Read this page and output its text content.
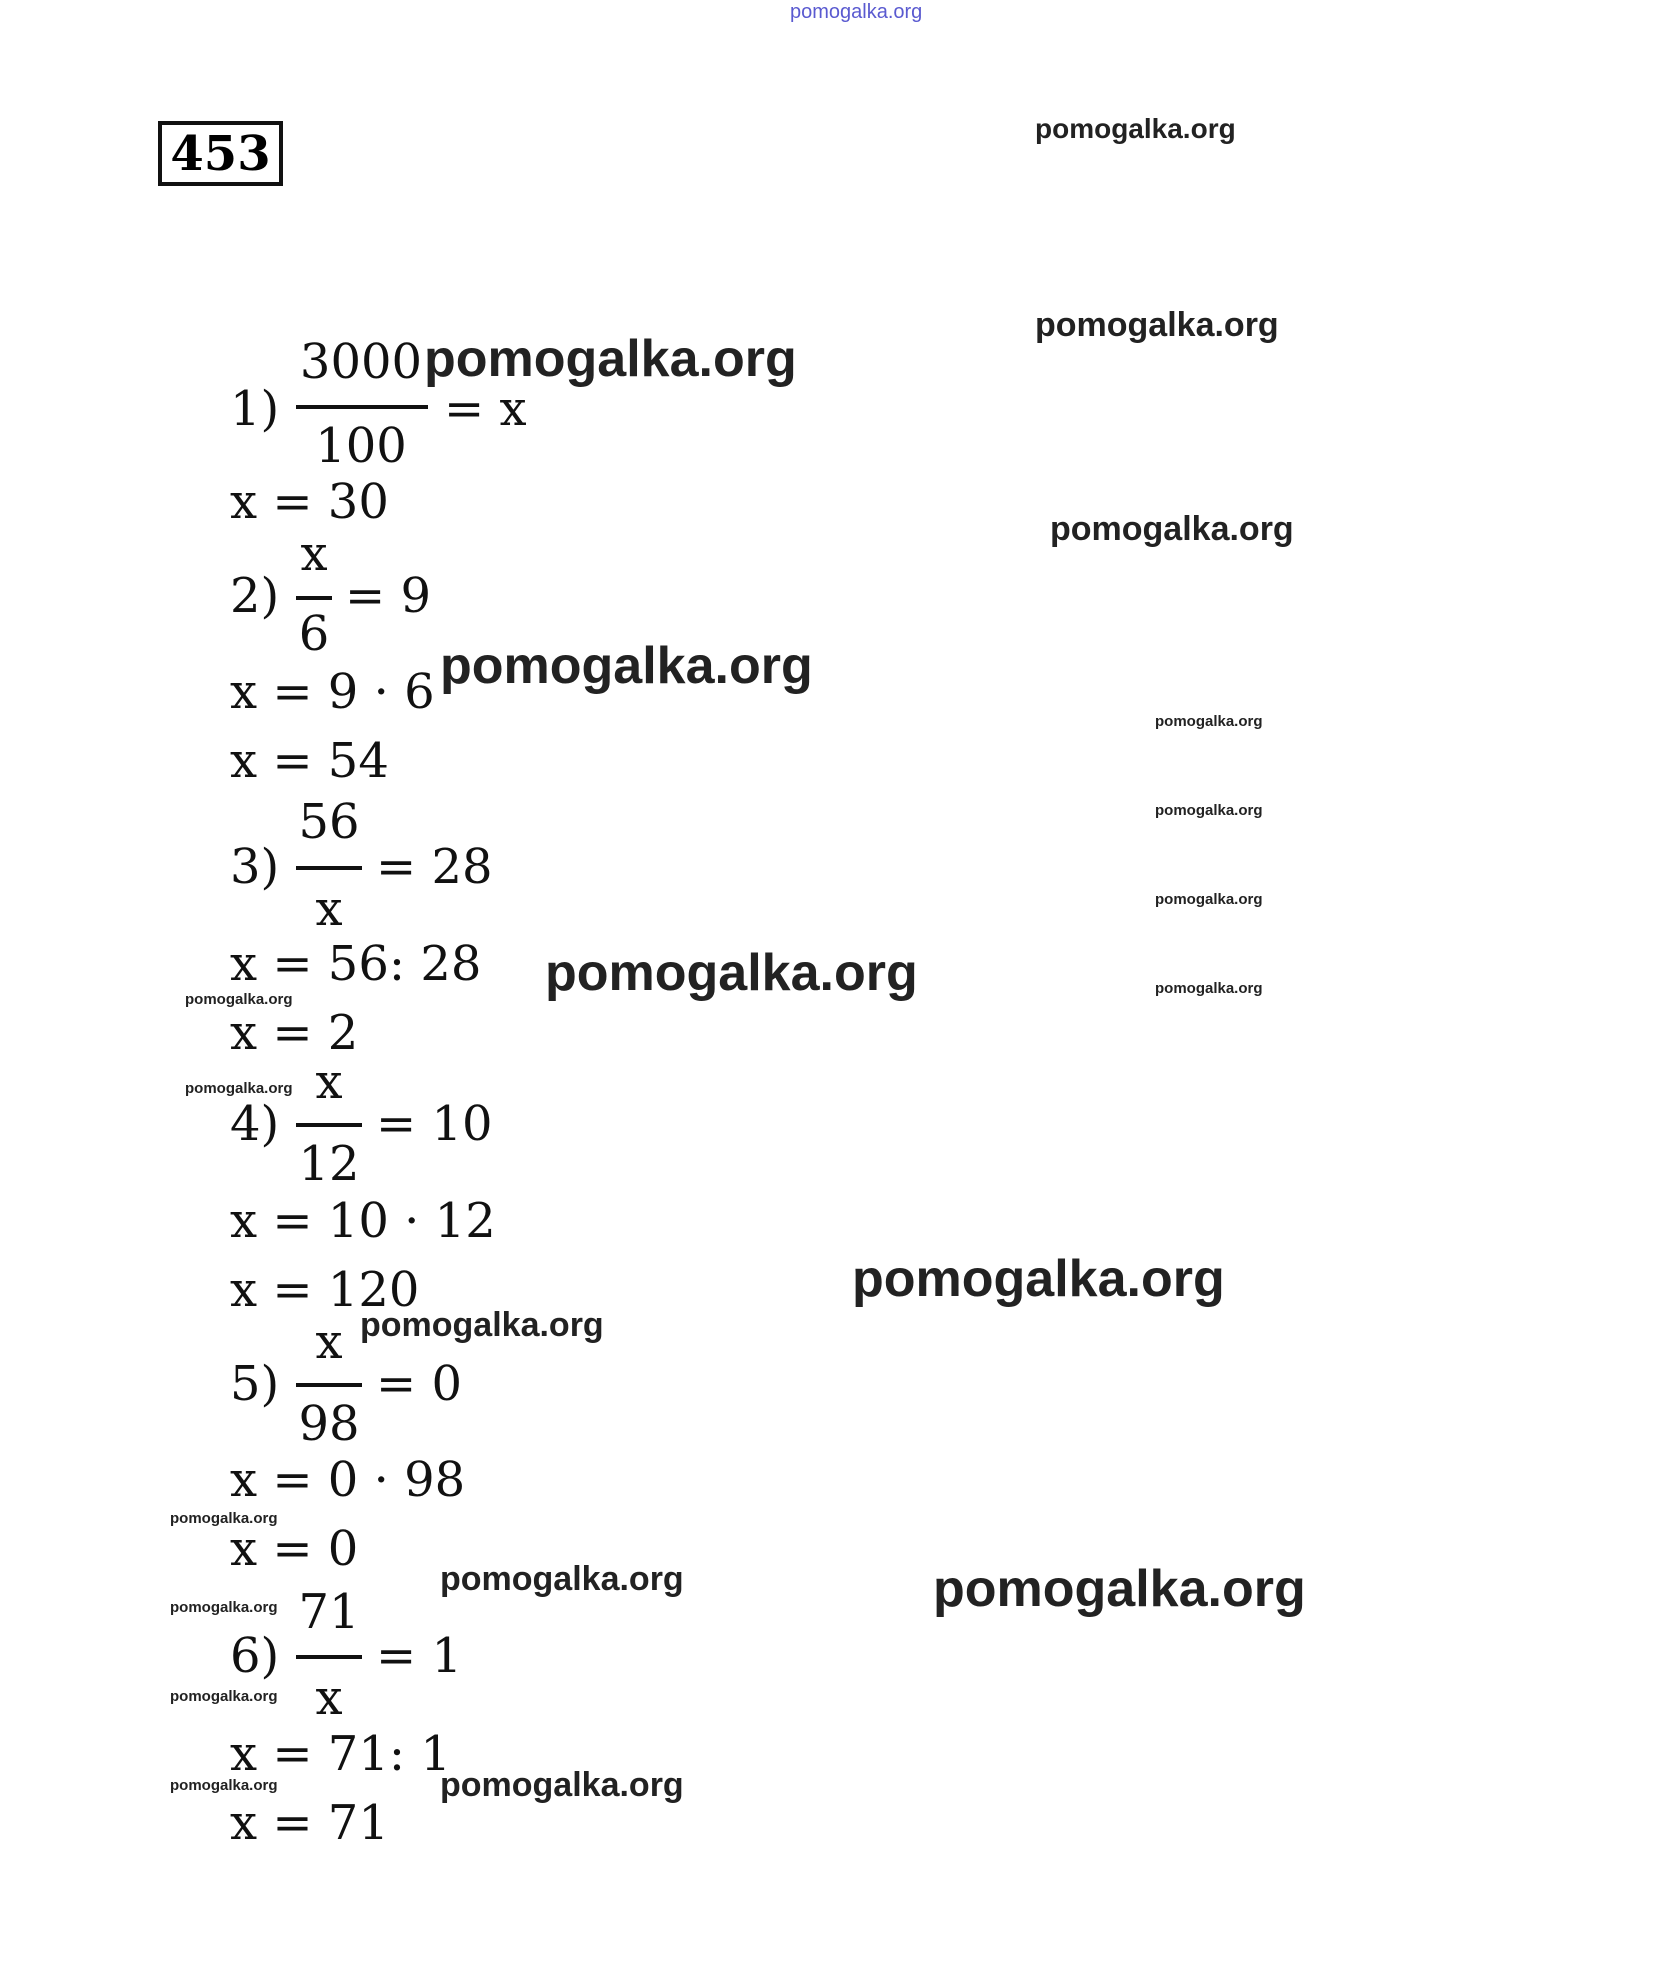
pomogalka.org
453
1)
3000
100
= x
x = 30
2)
x
6
= 9
x = 9 · 6
x = 54
3)
56
x
= 28
x = 56: 28
x = 2
4)
x
12
= 10
x = 10 · 12
x = 120
5)
x
98
= 0
x = 0 · 98
x = 0
6)
71
x
= 1
x = 71: 1
x = 71
pomogalka.org
pomogalka.org
pomogalka.org
pomogalka.org
pomogalka.org
pomogalka.org
pomogalka.org
pomogalka.org
pomogalka.org	pomogalka.org
pomogalka.org
pomogalka.org
pomogalka.org
pomogalka.org
pomogalka.org
pomogalka.org	pomogalka.org
pomogalka.org
pomogalka.org
pomogalka.org
pomogalka.org
